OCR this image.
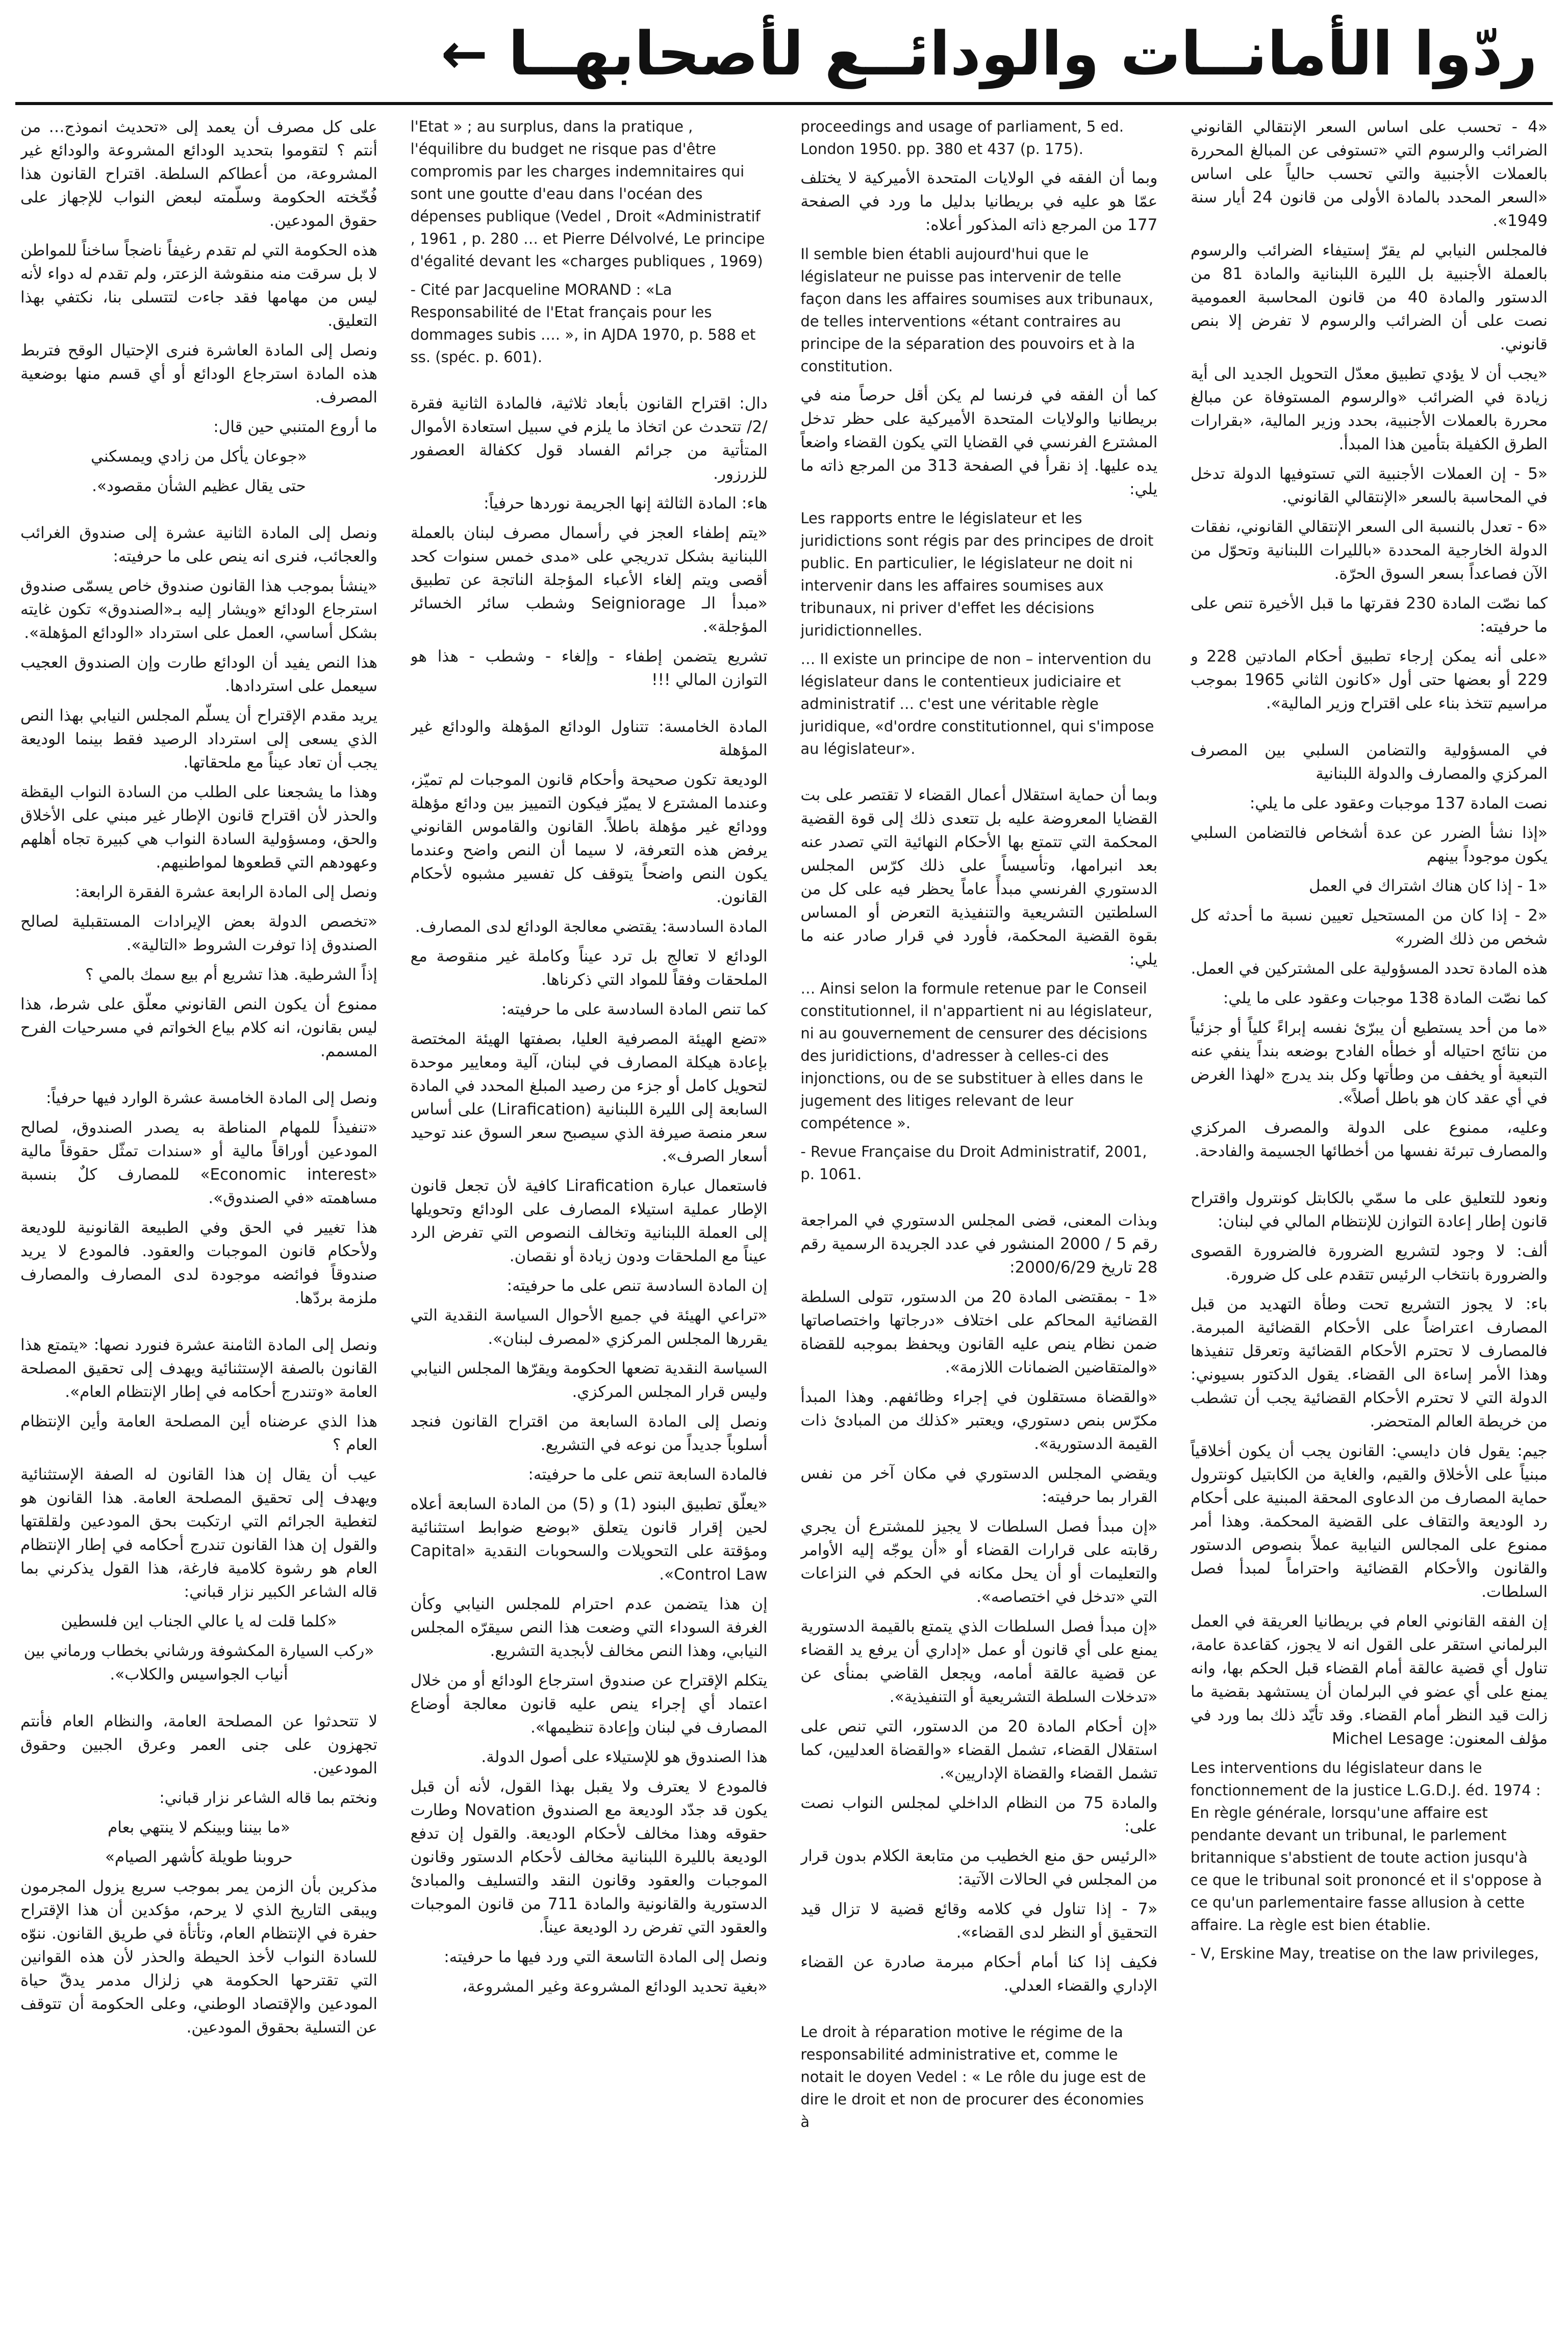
ردّوا الأمانــات والودائــع لأصحابهــا
←

«4 - تحسب على اساس السعر الإنتقالي القانوني الضرائب والرسوم التي «تستوفى عن المبالغ المحررة بالعملات الأجنبية والتي تحسب حالياً على اساس «السعر المحدد بالمادة الأولى من قانون 24 أيار سنة 1949».

فالمجلس النيابي لم يقرّ إستيفاء الضرائب والرسوم بالعملة الأجنبية بل الليرة اللبنانية والمادة 81 من الدستور والمادة 40 من قانون المحاسبة العمومية نصت على أن الضرائب والرسوم لا تفرض إلا بنص قانوني.

«يجب أن لا يؤدي تطبيق معدّل التحويل الجديد الى أية زيادة في الضرائب «والرسوم المستوفاة عن مبالغ محررة بالعملات الأجنبية، بحدد وزير المالية، «بقرارات الطرق الكفيلة بتأمين هذا المبدأ.

«5 - إن العملات الأجنبية التي تستوفيها الدولة تدخل في المحاسبة بالسعر «الإنتقالي القانوني.

«6 - تعدل بالنسبة الى السعر الإنتقالي القانوني، نفقات الدولة الخارجية المحددة «بالليرات اللبنانية وتحوّل من الآن فصاعداً بسعر السوق الحرّة.

كما نصّت المادة 230 فقرتها ما قبل الأخيرة تنص على ما حرفيته:

«على أنه يمكن إرجاء تطبيق أحكام المادتين 228 و 229 أو بعضها حتى أول «كانون الثاني 1965 بموجب مراسيم تتخذ بناء على اقتراح وزير المالية».

في المسؤولية والتضامن السلبي بين المصرف المركزي والمصارف والدولة اللبنانية

نصت المادة 137 موجبات وعقود على ما يلي:

«إذا نشأ الضرر عن عدة أشخاص فالتضامن السلبي يكون موجوداً بينهم

«1 - إذا كان هناك اشتراك في العمل

«2 - إذا كان من المستحيل تعيين نسبة ما أحدثه كل شخص من ذلك الضرر»

هذه المادة تحدد المسؤولية على المشتركين في العمل.

كما نصّت المادة 138 موجبات وعقود على ما يلي:

«ما من أحد يستطيع أن يبرّئ نفسه إبراءً كلياً أو جزئياً من نتائج احتياله أو خطأه الفادح بوضعه بنداً ينفي عنه التبعية أو يخفف من وطأتها وكل بند يدرج «لهذا الغرض في أي عقد كان هو باطل أصلاً».

وعليه، ممنوع على الدولة والمصرف المركزي والمصارف تبرئة نفسها من أخطائها الجسيمة والفادحة.

ونعود للتعليق على ما سمّي بالكابتل كونترول واقتراح قانون إطار إعادة التوازن للإنتظام المالي في لبنان:

ألف: لا وجود لتشريع الضرورة فالضرورة القصوى والضرورة بانتخاب الرئيس تتقدم على كل ضرورة.

باء: لا يجوز التشريع تحت وطأة التهديد من قبل المصارف اعتراضاً على الأحكام القضائية المبرمة. فالمصارف لا تحترم الأحكام القضائية وتعرقل تنفيذها وهذا الأمر إساءة الى القضاء. يقول الدكتور بسيوني: الدولة التي لا تحترم الأحكام القضائية يجب أن تشطب من خريطة العالم المتحضر.

جيم: يقول فان دايسي: القانون يجب أن يكون أخلاقياً مبنياً على الأخلاق والقيم، والغاية من الكابتيل كونترول حماية المصارف من الدعاوى المحقة المبنية على أحكام رد الوديعة والتقاف على القضية المحكمة. وهذا أمر ممنوع على المجالس النيابية عملاً بنصوص الدستور والقانون والأحكام القضائية واحتراماً لمبدأ فصل السلطات.

إن الفقه القانوني العام في بريطانيا العريقة في العمل البرلماني استقر على القول انه لا يجوز، كقاعدة عامة، تناول أي قضية عالقة أمام القضاء قبل الحكم بها، وانه يمنع على أي عضو في البرلمان أن يستشهد بقضية ما زالت قيد النظر أمام القضاء. وقد تأيّد ذلك بما ورد في مؤلف المعنون: Michel Lesage

Les interventions du législateur dans le fonctionnement de la justice L.G.D.J. éd. 1974 : En règle générale, lorsqu'une affaire est pendante devant un tribunal, le parlement britannique s'abstient de toute action jusqu'à ce que le tribunal soit prononcé et il s'oppose à ce qu'un parlementaire fasse allusion à cette affaire. La règle est bien établie.

- V, Erskine May, treatise on the law privileges,

proceedings and usage of parliament, 5 ed. London 1950. pp. 380 et 437 (p. 175).

وبما أن الفقه في الولايات المتحدة الأميركية لا يختلف عمّا هو عليه في بريطانيا بدليل ما ورد في الصفحة 177 من المرجع ذاته المذكور أعلاه:

Il semble bien établi aujourd'hui que le législateur ne puisse pas intervenir de telle façon dans les affaires soumises aux tribunaux, de telles interventions «étant contraires au principe de la séparation des pouvoirs et à la constitution.

كما أن الفقه في فرنسا لم يكن أقل حرصاً منه في بريطانيا والولايات المتحدة الأميركية على حظر تدخل المشترع الفرنسي في القضايا التي يكون القضاء واضعاً يده عليها. إذ نقرأ في الصفحة 313 من المرجع ذاته ما يلي:

Les rapports entre le législateur et les juridictions sont régis par des principes de droit public. En particulier, le législateur ne doit ni intervenir dans les affaires soumises aux tribunaux, ni priver d'effet les décisions juridictionnelles.

… Il existe un principe de non – intervention du législateur dans le contentieux judiciaire et administratif … c'est une véritable règle juridique, «d'ordre constitutionnel, qui s'impose au législateur».

وبما أن حماية استقلال أعمال القضاء لا تقتصر على بت القضايا المعروضة عليه بل تتعدى ذلك إلى قوة القضية المحكمة التي تتمتع بها الأحكام النهائية التي تصدر عنه بعد انبرامها، وتأسيساً على ذلك كرّس المجلس الدستوري الفرنسي مبدأً عاماً يحظر فيه على كل من السلطتين التشريعية والتنفيذية التعرض أو المساس بقوة القضية المحكمة، فأورد في قرار صادر عنه ما يلي:

… Ainsi selon la formule retenue par le Conseil constitutionnel, il n'appartient ni au législateur, ni au gouvernement de censurer des décisions des juridictions, d'adresser à celles-ci des injonctions, ou de se substituer à elles dans le jugement des litiges relevant de leur compétence ».

- Revue Française du Droit Administratif, 2001, p. 1061.

وبذات المعنى، قضى المجلس الدستوري في المراجعة رقم 5 / 2000 المنشور في عدد الجريدة الرسمية رقم 28 تاريخ 2000/6/29:

«1 - بمقتضى المادة 20 من الدستور، تتولى السلطة القضائية المحاكم على اختلاف «درجاتها واختصاصاتها ضمن نظام ينص عليه القانون ويحفظ بموجبه للقضاة «والمتقاضين الضمانات اللازمة».

«والقضاة مستقلون في إجراء وظائفهم. وهذا المبدأ مكرّس بنص دستوري، ويعتبر «كذلك من المبادئ ذات القيمة الدستورية».

ويقضي المجلس الدستوري في مكان آخر من نفس القرار بما حرفيته:

«إن مبدأ فصل السلطات لا يجيز للمشترع أن يجري رقابته على قرارات القضاء أو «أن يوجّه إليه الأوامر والتعليمات أو أن يحل مكانه في الحكم في النزاعات التي «تدخل في اختصاصه».

«إن مبدأ فصل السلطات الذي يتمتع بالقيمة الدستورية يمنع على أي قانون أو عمل «إداري أن يرفع يد القضاء عن قضية عالقة أمامه، ويجعل القاضي بمنأى عن «تدخلات السلطة التشريعية أو التنفيذية».

«إن أحكام المادة 20 من الدستور، التي تنص على استقلال القضاء، تشمل القضاء «والقضاة العدليين، كما تشمل القضاء والقضاة الإداريين».

والمادة 75 من النظام الداخلي لمجلس النواب نصت على:

«الرئيس حق منع الخطيب من متابعة الكلام بدون قرار من المجلس في الحالات الآتية:

«7 - إذا تناول في كلامه وقائع قضية لا تزال قيد التحقيق أو النظر لدى القضاء».

فكيف إذا كنا أمام أحكام مبرمة صادرة عن القضاء الإداري والقضاء العدلي.

Le droit à réparation motive le régime de la responsabilité administrative et, comme le notait le doyen Vedel : « Le rôle du juge est de dire le droit et non de procurer des économies à

l'Etat » ; au surplus, dans la pratique , l'équilibre du budget ne risque pas d'être compromis par les charges indemnitaires qui sont une goutte d'eau dans l'océan des dépenses publique (Vedel , Droit «Administratif , 1961 , p. 280 … et Pierre Délvolvé, Le principe d'égalité devant les «charges publiques , 1969)

- Cité par Jacqueline MORAND : «La Responsabilité de l'Etat français pour les dommages subis …. », in AJDA 1970, p. 588 et ss. (spéc. p. 601).

دال: اقتراح القانون بأبعاد ثلاثية، فالمادة الثانية فقرة /2/ تتحدث عن اتخاذ ما يلزم في سبيل استعادة الأموال المتأتية من جرائم الفساد قول ككفالة العصفور للزرزور.

هاء: المادة الثالثة إنها الجريمة نوردها حرفياً:

«يتم إطفاء العجز في رأسمال مصرف لبنان بالعملة اللبنانية بشكل تدريجي على «مدى خمس سنوات كحد أقصى ويتم إلغاء الأعباء المؤجلة الناتجة عن تطبيق «مبدأ الـ Seigniorage وشطب سائر الخسائر المؤجلة».

تشريع يتضمن إطفاء - وإلغاء - وشطب - هذا هو التوازن المالي !!!

المادة الخامسة: تتناول الودائع المؤهلة والودائع غير المؤهلة

الوديعة تكون صحيحة وأحكام قانون الموجبات لم تميّز، وعندما المشترع لا يميّز فيكون التمييز بين ودائع مؤهلة وودائع غير مؤهلة باطلاً. القانون والقاموس القانوني يرفض هذه التعرفة، لا سيما أن النص واضح وعندما يكون النص واضحاً يتوقف كل تفسير مشبوه لأحكام القانون.

المادة السادسة: يقتضي معالجة الودائع لدى المصارف.

الودائع لا تعالج بل ترد عيناً وكاملة غير منقوصة مع الملحقات وفقاً للمواد التي ذكرناها.

كما تنص المادة السادسة على ما حرفيته:

«تضع الهيئة المصرفية العليا، بصفتها الهيئة المختصة بإعادة هيكلة المصارف في لبنان، آلية ومعايير موحدة لتحويل كامل أو جزء من رصيد المبلغ المحدد في المادة السابعة إلى الليرة اللبنانية (Lirafication) على أساس سعر منصة صيرفة الذي سيصبح سعر السوق عند توحيد أسعار الصرف».

فاستعمال عبارة Lirafication كافية لأن تجعل قانون الإطار عملية استيلاء المصارف على الودائع وتحويلها إلى العملة اللبنانية وتخالف النصوص التي تفرض الرد عيناً مع الملحقات ودون زيادة أو نقصان.

إن المادة السادسة تنص على ما حرفيته:

«تراعي الهيئة في جميع الأحوال السياسة النقدية التي يقررها المجلس المركزي «لمصرف لبنان».

السياسة النقدية تضعها الحكومة ويقرّها المجلس النيابي وليس قرار المجلس المركزي.

ونصل إلى المادة السابعة من اقتراح القانون فنجد أسلوباً جديداً من نوعه في التشريع.

فالمادة السابعة تنص على ما حرفيته:

«يعلّق تطبيق البنود (1) و (5) من المادة السابعة أعلاه لحين إقرار قانون يتعلق «بوضع ضوابط استثنائية ومؤقتة على التحويلات والسحوبات النقدية «Capital Control Law».

إن هذا يتضمن عدم احترام للمجلس النيابي وكأن الغرفة السوداء التي وضعت هذا النص سيقرّه المجلس النيابي، وهذا النص مخالف لأبجدية التشريع.

يتكلم الإقتراح عن صندوق استرجاع الودائع أو من خلال اعتماد أي إجراء ينص عليه قانون معالجة أوضاع المصارف في لبنان وإعادة تنظيمها».

هذا الصندوق هو للإستيلاء على أصول الدولة.

فالمودع لا يعترف ولا يقبل بهذا القول، لأنه أن قبل يكون قد جدّد الوديعة مع الصندوق Novation وطارت حقوقه وهذا مخالف لأحكام الوديعة. والقول إن تدفع الوديعة بالليرة اللبنانية مخالف لأحكام الدستور وقانون الموجبات والعقود وقانون النقد والتسليف والمبادئ الدستورية والقانونية والمادة 711 من قانون الموجبات والعقود التي تفرض رد الوديعة عيناً.

ونصل إلى المادة التاسعة التي ورد فيها ما حرفيته:

«بغية تحديد الودائع المشروعة وغير المشروعة،

على كل مصرف أن يعمد إلى «تحديث انموذج… من أنتم ؟ لتقوموا بتحديد الودائع المشروعة والودائع غير المشروعة، من أعطاكم السلطة. اقتراح القانون هذا فُخّخته الحكومة وسلّمته لبعض النواب للإجهاز على حقوق المودعين.

هذه الحكومة التي لم تقدم رغيفاً ناضجاً ساخناً للمواطن لا بل سرقت منه منقوشة الزعتر، ولم تقدم له دواء لأنه ليس من مهامها فقد جاءت لتتسلى بنا، نكتفي بهذا التعليق.

ونصل إلى المادة العاشرة فنرى الإحتيال الوقح فتربط هذه المادة استرجاع الودائع أو أي قسم منها بوضعية المصرف.

ما أروع المتنبي حين قال:

«جوعان يأكل من زادي ويمسكني

حتى يقال عظيم الشأن مقصود».

ونصل إلى المادة الثانية عشرة إلى صندوق الغرائب والعجائب، فنرى انه ينص على ما حرفيته:

«ينشأ بموجب هذا القانون صندوق خاص يسمّى صندوق استرجاع الودائع «ويشار إليه بـ«الصندوق» تكون غايته بشكل أساسي، العمل على استرداد «الودائع المؤهلة».

هذا النص يفيد أن الودائع طارت وإن الصندوق العجيب سيعمل على استردادها.

يريد مقدم الإقتراح أن يسلّم المجلس النيابي بهذا النص الذي يسعى إلى استرداد الرصيد فقط بينما الوديعة يجب أن تعاد عيناً مع ملحقاتها.

وهذا ما يشجعنا على الطلب من السادة النواب اليقظة والحذر لأن اقتراح قانون الإطار غير مبني على الأخلاق والحق، ومسؤولية السادة النواب هي كبيرة تجاه أهلهم وعهودهم التي قطعوها لمواطنيهم.

ونصل إلى المادة الرابعة عشرة الفقرة الرابعة:

«تخصص الدولة بعض الإيرادات المستقبلية لصالح الصندوق إذا توفرت الشروط «التالية».

إذاً الشرطية. هذا تشريع أم بيع سمك بالمي ؟

ممنوع أن يكون النص القانوني معلّق على شرط، هذا ليس بقانون، انه كلام بياع الخواتم في مسرحيات الفرح المسمم.

ونصل إلى المادة الخامسة عشرة الوارد فيها حرفياً:

«تنفيذاً للمهام المناطة به يصدر الصندوق، لصالح المودعين أوراقاً مالية أو «سندات تمثّل حقوقاً مالية «Economic interest» للمصارف كلٌ بنسبة مساهمته «في الصندوق».

هذا تغيير في الحق وفي الطبيعة القانونية للوديعة ولأحكام قانون الموجبات والعقود. فالمودع لا يريد صندوقاً فوائضه موجودة لدى المصارف والمصارف ملزمة بردّها.

ونصل إلى المادة الثامنة عشرة فنورد نصها: «يتمتع هذا القانون بالصفة الإستثنائية ويهدف إلى تحقيق المصلحة العامة «وتندرج أحكامه في إطار الإنتظام العام».

هذا الذي عرضناه أين المصلحة العامة وأين الإنتظام العام ؟

عيب أن يقال إن هذا القانون له الصفة الإستثنائية ويهدف إلى تحقيق المصلحة العامة. هذا القانون هو لتغطية الجرائم التي ارتكبت بحق المودعين ولقلقتها والقول إن هذا القانون تندرج أحكامه في إطار الإنتظام العام هو رشوة كلامية فارغة، هذا القول يذكرني بما قاله الشاعر الكبير نزار قباني:

«كلما قلت له يا عالي الجناب اين فلسطين

«ركب السيارة المكشوفة ورشاني بخطاب ورماني بين أنياب الجواسيس والكلاب».

لا تتحدثوا عن المصلحة العامة، والنظام العام فأنتم تجهزون على جنى العمر وعرق الجبين وحقوق المودعين.

ونختم بما قاله الشاعر نزار قباني:

«ما بيننا وبينكم لا ينتهي بعام

حروبنا طويلة كأشهر الصيام»

مذكرين بأن الزمن يمر بموجب سريع يزول المجرمون ويبقى التاريخ الذي لا يرحم، مؤكدين أن هذا الإقتراح حفرة في الإنتظام العام، وتأتأة في طريق القانون. ننوّه للسادة النواب لأخذ الحيطة والحذر لأن هذه القوانين التي تقترحها الحكومة هي زلزال مدمر يدقّ حياة المودعين والإقتصاد الوطني، وعلى الحكومة أن تتوقف عن التسلية بحقوق المودعين.
